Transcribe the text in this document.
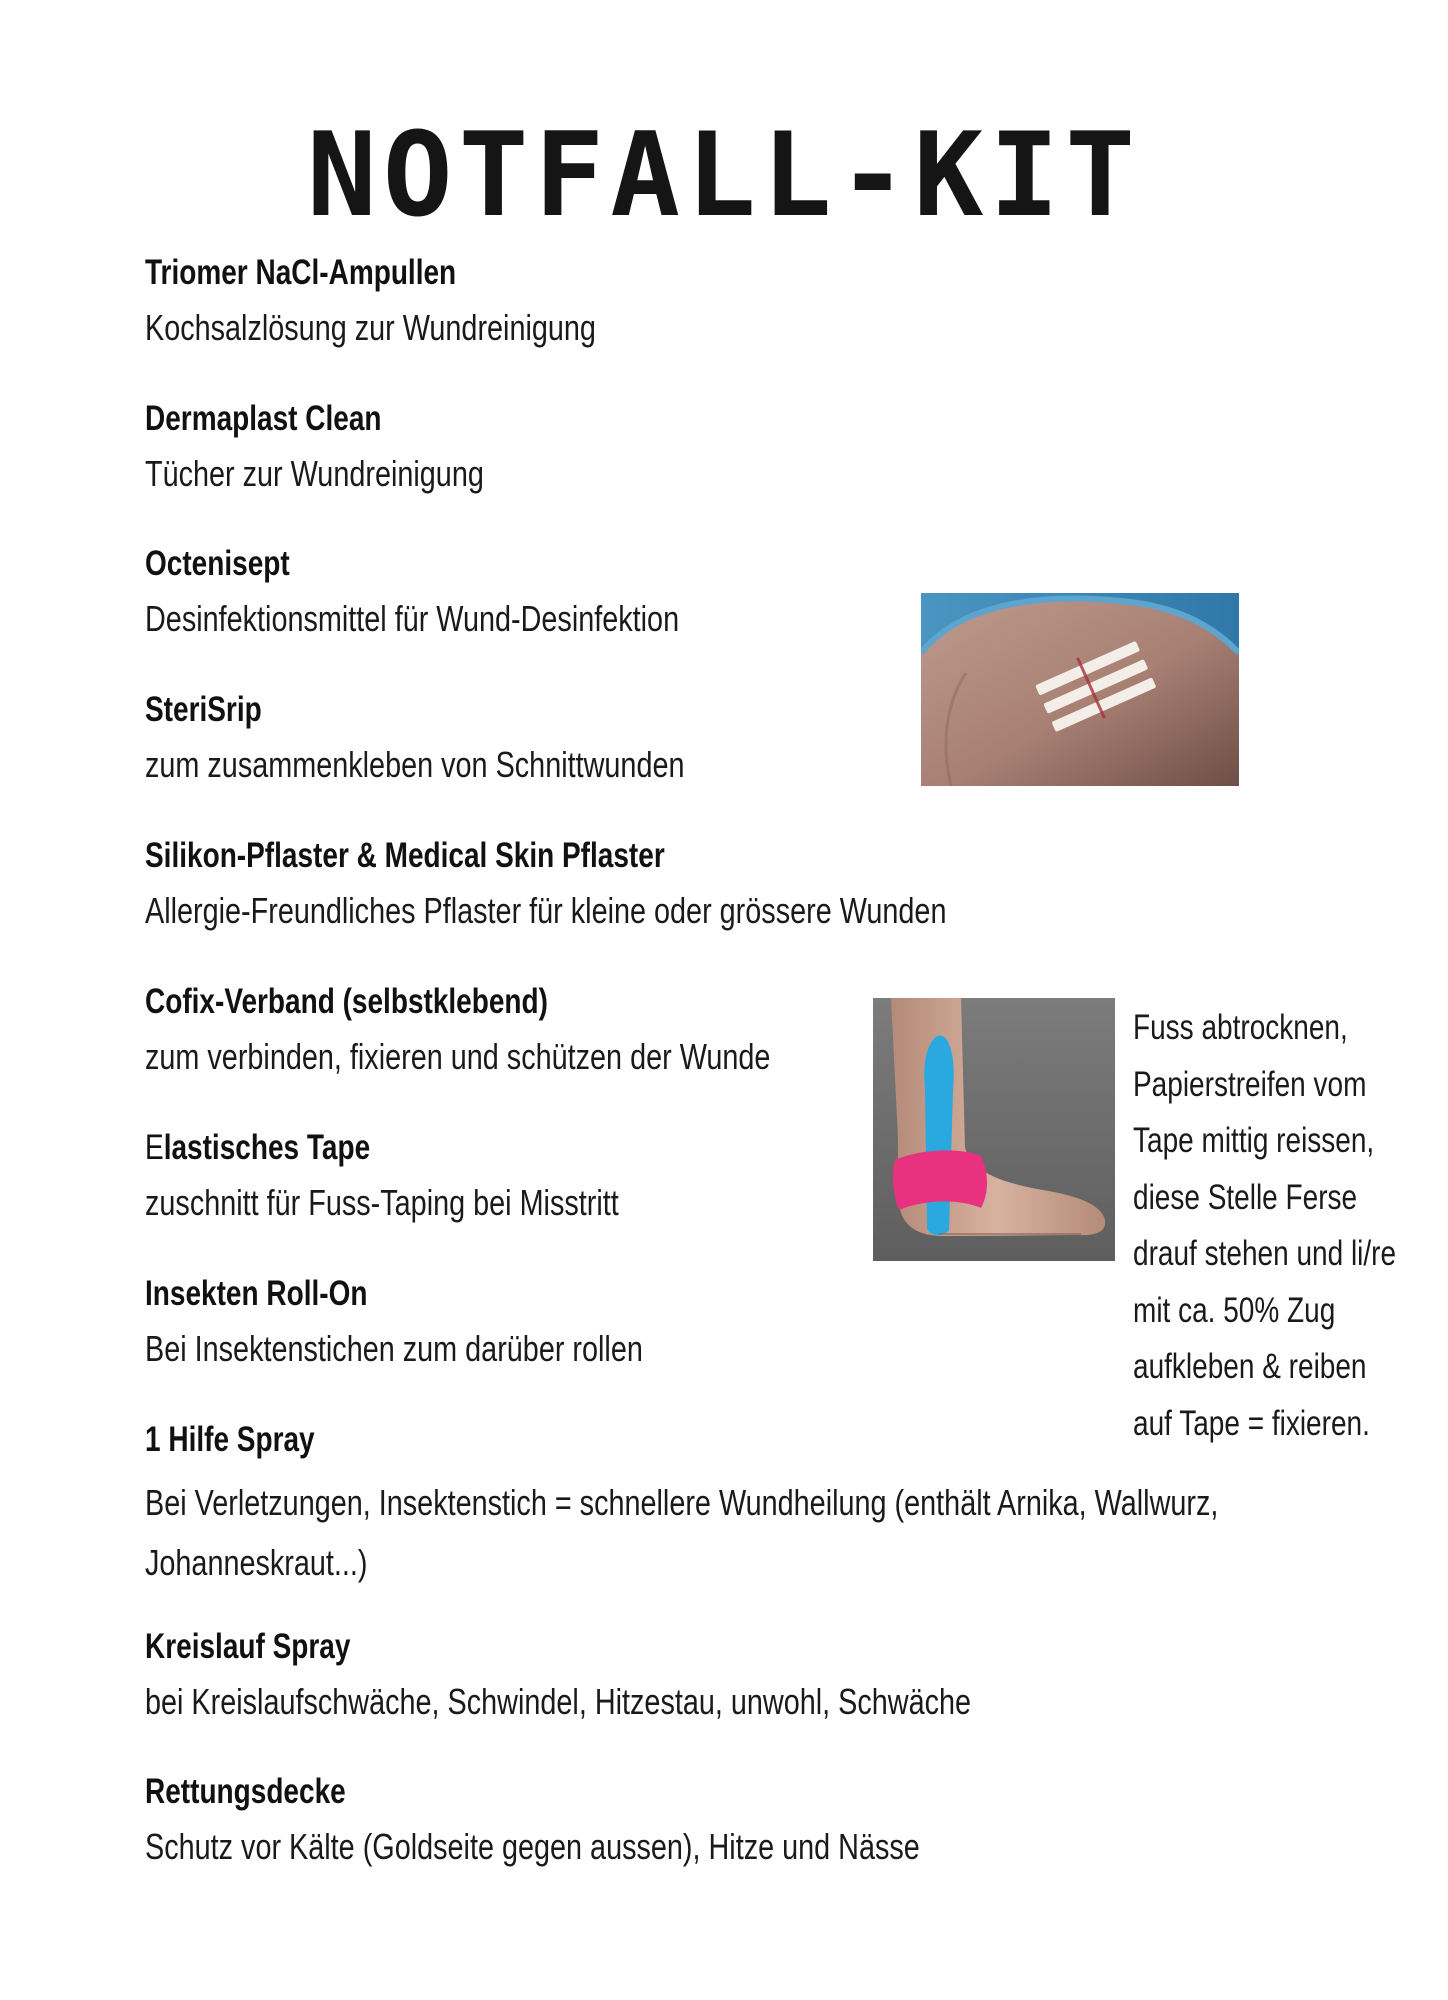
NOTFALL-KIT
Triomer NaCl-Ampullen
Kochsalzlösung zur Wundreinigung
Dermaplast Clean
Tücher zur Wundreinigung
Octenisept
Desinfektionsmittel für Wund-Desinfektion
SteriSrip
zum zusammenkleben von Schnittwunden
Silikon-Pflaster & Medical Skin Pflaster
Allergie-Freundliches Pflaster für kleine oder grössere Wunden
Cofix-Verband (selbstklebend)
zum verbinden, fixieren und schützen der Wunde
Elastisches Tape
zuschnitt für Fuss-Taping bei Misstritt
Insekten Roll-On
Bei Insektenstichen zum darüber rollen
1 Hilfe Spray
Bei Verletzungen, Insektenstich = schnellere Wundheilung (enthält Arnika, Wallwurz, Johanneskraut...)
Kreislauf Spray
bei Kreislaufschwäche, Schwindel, Hitzestau, unwohl, Schwäche
Rettungsdecke
Schutz vor Kälte (Goldseite gegen aussen), Hitze und Nässe
Fuss abtrocknen,
Papierstreifen vom
Tape mittig reissen,
diese Stelle Ferse
drauf stehen und li/re
mit ca. 50% Zug
aufkleben & reiben
auf Tape = fixieren.
